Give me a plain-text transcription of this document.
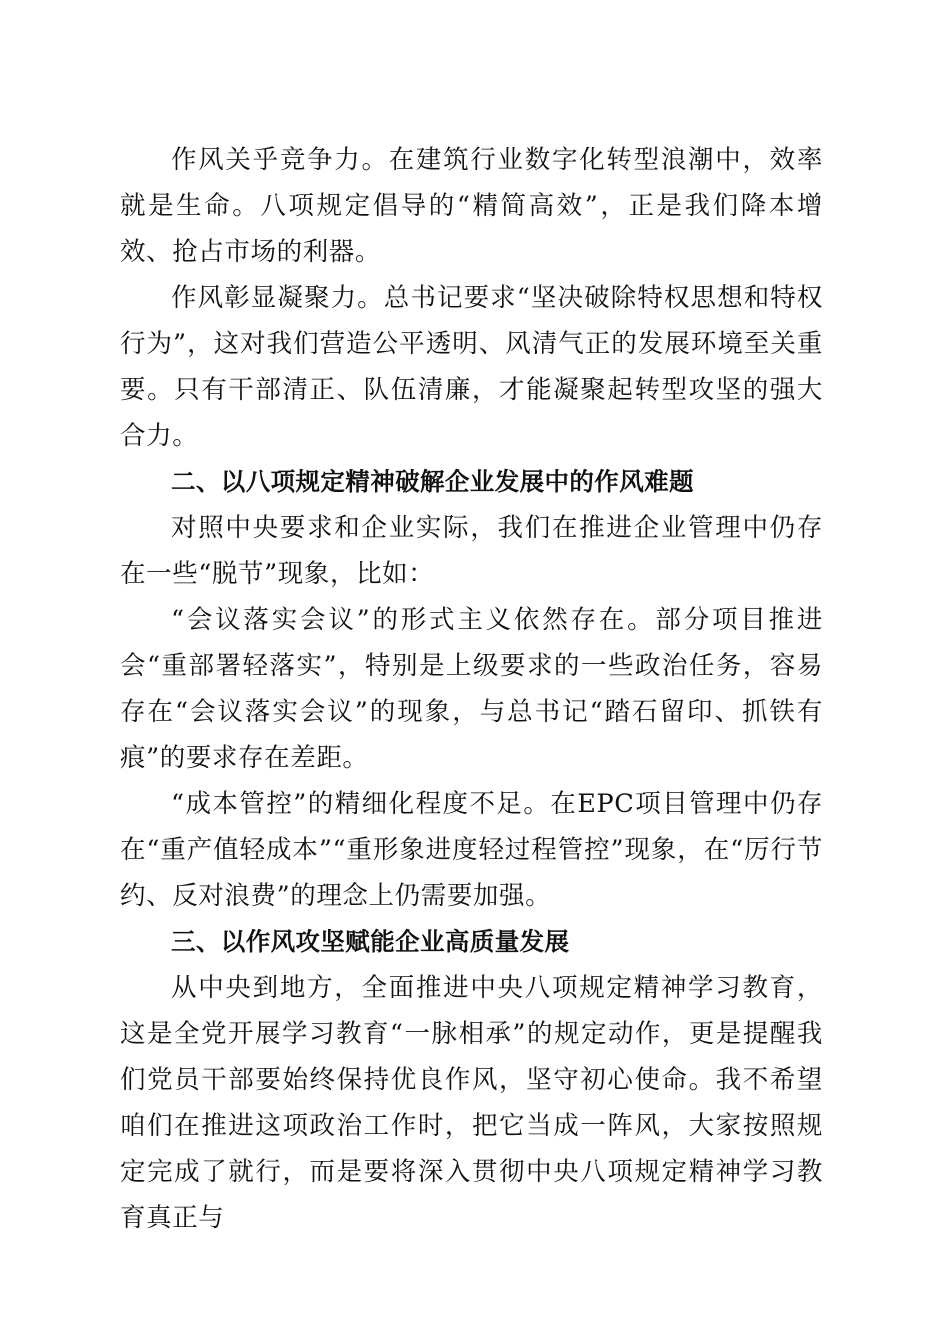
作风关乎竞争力。在建筑行业数字化转型浪潮中，效率就是生命。八项规定倡导的“精简高效”，正是我们降本增效、抢占市场的利器。

作风彰显凝聚力。总书记要求“坚决破除特权思想和特权行为”，这对我们营造公平透明、风清气正的发展环境至关重要。只有干部清正、队伍清廉，才能凝聚起转型攻坚的强大合力。

二、以八项规定精神破解企业发展中的作风难题

对照中央要求和企业实际，我们在推进企业管理中仍存在一些“脱节”现象，比如：

“会议落实会议”的形式主义依然存在。部分项目推进会“重部署轻落实”，特别是上级要求的一些政治任务，容易存在“会议落实会议”的现象，与总书记“踏石留印、抓铁有痕”的要求存在差距。

“成本管控”的精细化程度不足。在EPC项目管理中仍存在“重产值轻成本”“重形象进度轻过程管控”现象，在“厉行节约、反对浪费”的理念上仍需要加强。

三、以作风攻坚赋能企业高质量发展

从中央到地方，全面推进中央八项规定精神学习教育，这是全党开展学习教育“一脉相承”的规定动作，更是提醒我们党员干部要始终保持优良作风，坚守初心使命。我不希望咱们在推进这项政治工作时，把它当成一阵风，大家按照规定完成了就行，而是要将深入贯彻中央八项规定精神学习教育真正与
